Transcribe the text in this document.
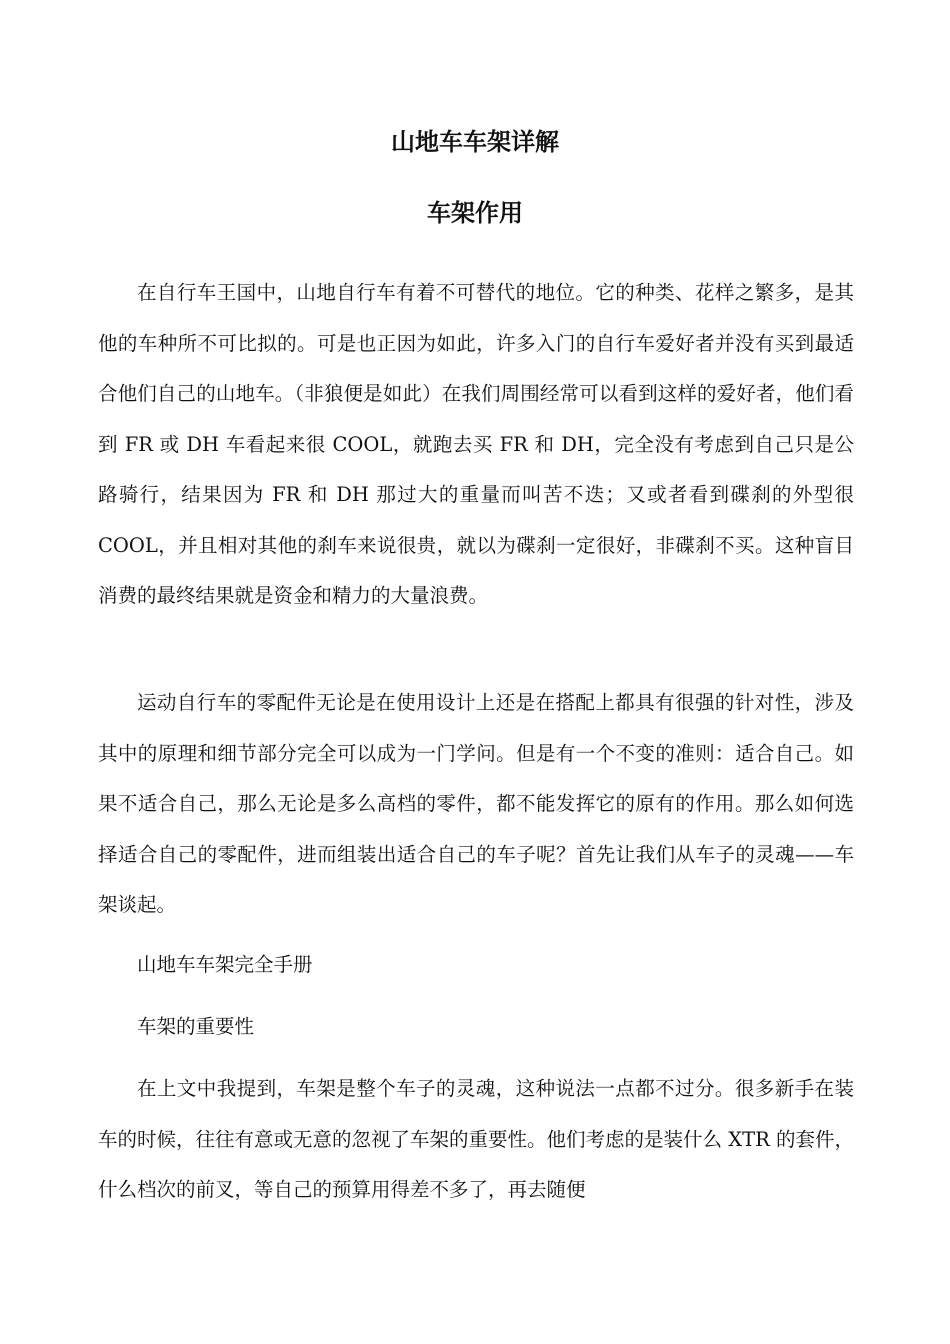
山地车车架详解
车架作用

在自行车王国中，山地自行车有着不可替代的地位。它的种类、花样之繁多，是其他的车种所不可比拟的。可是也正因为如此，许多入门的自行车爱好者并没有买到最适合他们自己的山地车。（非狼便是如此）在我们周围经常可以看到这样的爱好者，他们看到 FR 或 DH 车看起来很 COOL，就跑去买 FR 和 DH，完全没有考虑到自己只是公路骑行，结果因为 FR 和 DH 那过大的重量而叫苦不迭；又或者看到碟刹的外型很 COOL，并且相对其他的刹车来说很贵，就以为碟刹一定很好，非碟刹不买。这种盲目消费的最终结果就是资金和精力的大量浪费。

运动自行车的零配件无论是在使用设计上还是在搭配上都具有很强的针对性，涉及其中的原理和细节部分完全可以成为一门学问。但是有一个不变的准则：适合自己。如果不适合自己，那么无论是多么高档的零件，都不能发挥它的原有的作用。那么如何选择适合自己的零配件，进而组装出适合自己的车子呢？首先让我们从车子的灵魂——车架谈起。

山地车车架完全手册

车架的重要性

在上文中我提到，车架是整个车子的灵魂，这种说法一点都不过分。很多新手在装车的时候，往往有意或无意的忽视了车架的重要性。他们考虑的是装什么 XTR 的套件，什么档次的前叉，等自己的预算用得差不多了，再去随便
